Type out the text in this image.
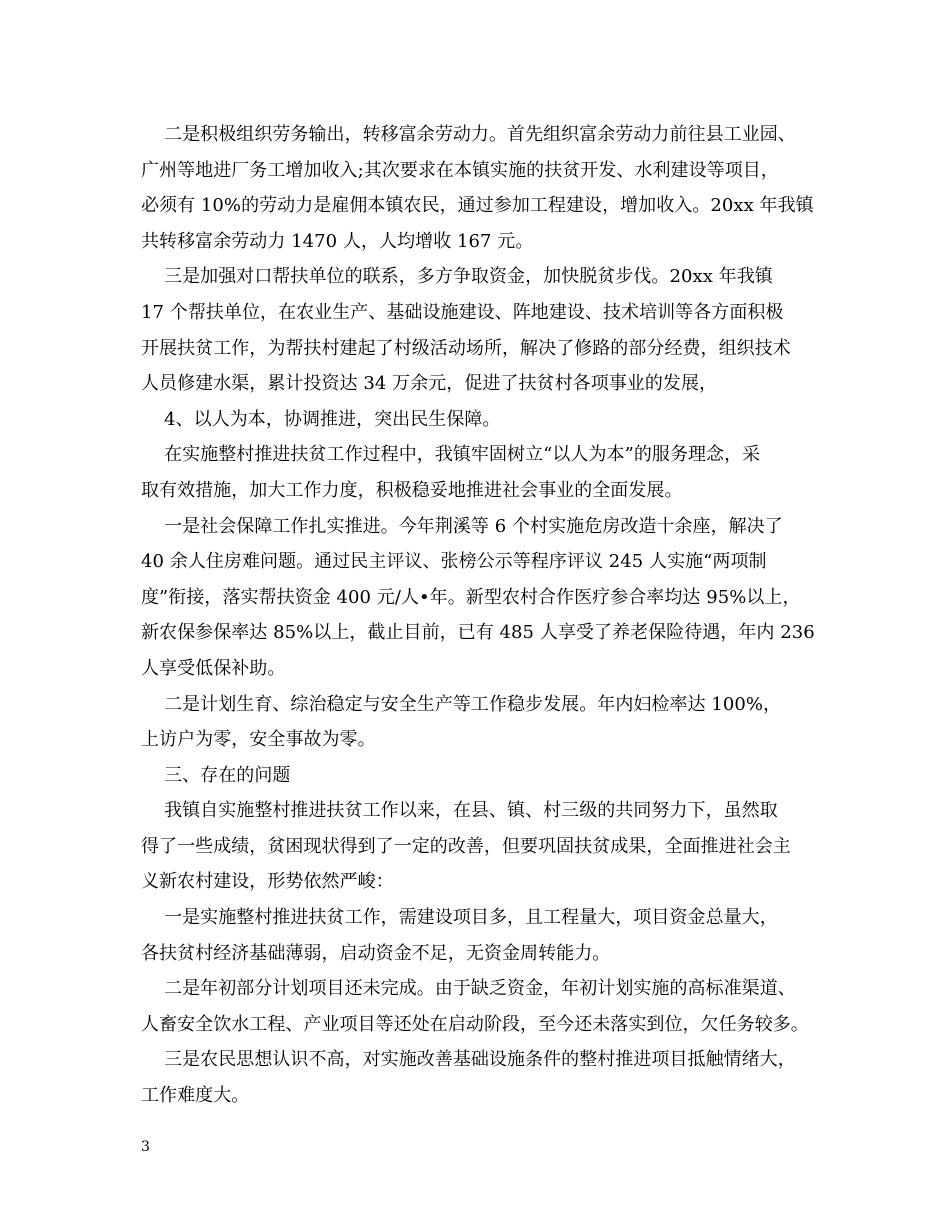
二是积极组织劳务输出，转移富余劳动力。首先组织富余劳动力前往县工业园、
广州等地进厂务工增加收入;其次要求在本镇实施的扶贫开发、水利建设等项目，
必须有 10%的劳动力是雇佣本镇农民，通过参加工程建设，增加收入。20xx 年我镇
共转移富余劳动力 1470 人，人均增收 167 元。
三是加强对口帮扶单位的联系，多方争取资金，加快脱贫步伐。20xx 年我镇
17 个帮扶单位，在农业生产、基础设施建设、阵地建设、技术培训等各方面积极
开展扶贫工作，为帮扶村建起了村级活动场所，解决了修路的部分经费，组织技术
人员修建水渠，累计投资达 34 万余元，促进了扶贫村各项事业的发展，
4、以人为本，协调推进，突出民生保障。
在实施整村推进扶贫工作过程中，我镇牢固树立“以人为本”的服务理念，采
取有效措施，加大工作力度，积极稳妥地推进社会事业的全面发展。
一是社会保障工作扎实推进。今年荆溪等 6 个村实施危房改造十余座，解决了
40 余人住房难问题。通过民主评议、张榜公示等程序评议 245 人实施“两项制
度”衔接，落实帮扶资金 400 元/人•年。新型农村合作医疗参合率均达 95%以上，
新农保参保率达 85%以上，截止目前，已有 485 人享受了养老保险待遇，年内 236
人享受低保补助。
二是计划生育、综治稳定与安全生产等工作稳步发展。年内妇检率达 100%，
上访户为零，安全事故为零。
三、存在的问题
我镇自实施整村推进扶贫工作以来，在县、镇、村三级的共同努力下，虽然取
得了一些成绩，贫困现状得到了一定的改善，但要巩固扶贫成果，全面推进社会主
义新农村建设，形势依然严峻：
一是实施整村推进扶贫工作，需建设项目多，且工程量大，项目资金总量大，
各扶贫村经济基础薄弱，启动资金不足，无资金周转能力。
二是年初部分计划项目还未完成。由于缺乏资金，年初计划实施的高标准渠道、
人畜安全饮水工程、产业项目等还处在启动阶段，至今还未落实到位，欠任务较多。
三是农民思想认识不高，对实施改善基础设施条件的整村推进项目抵触情绪大，
工作难度大。
3
